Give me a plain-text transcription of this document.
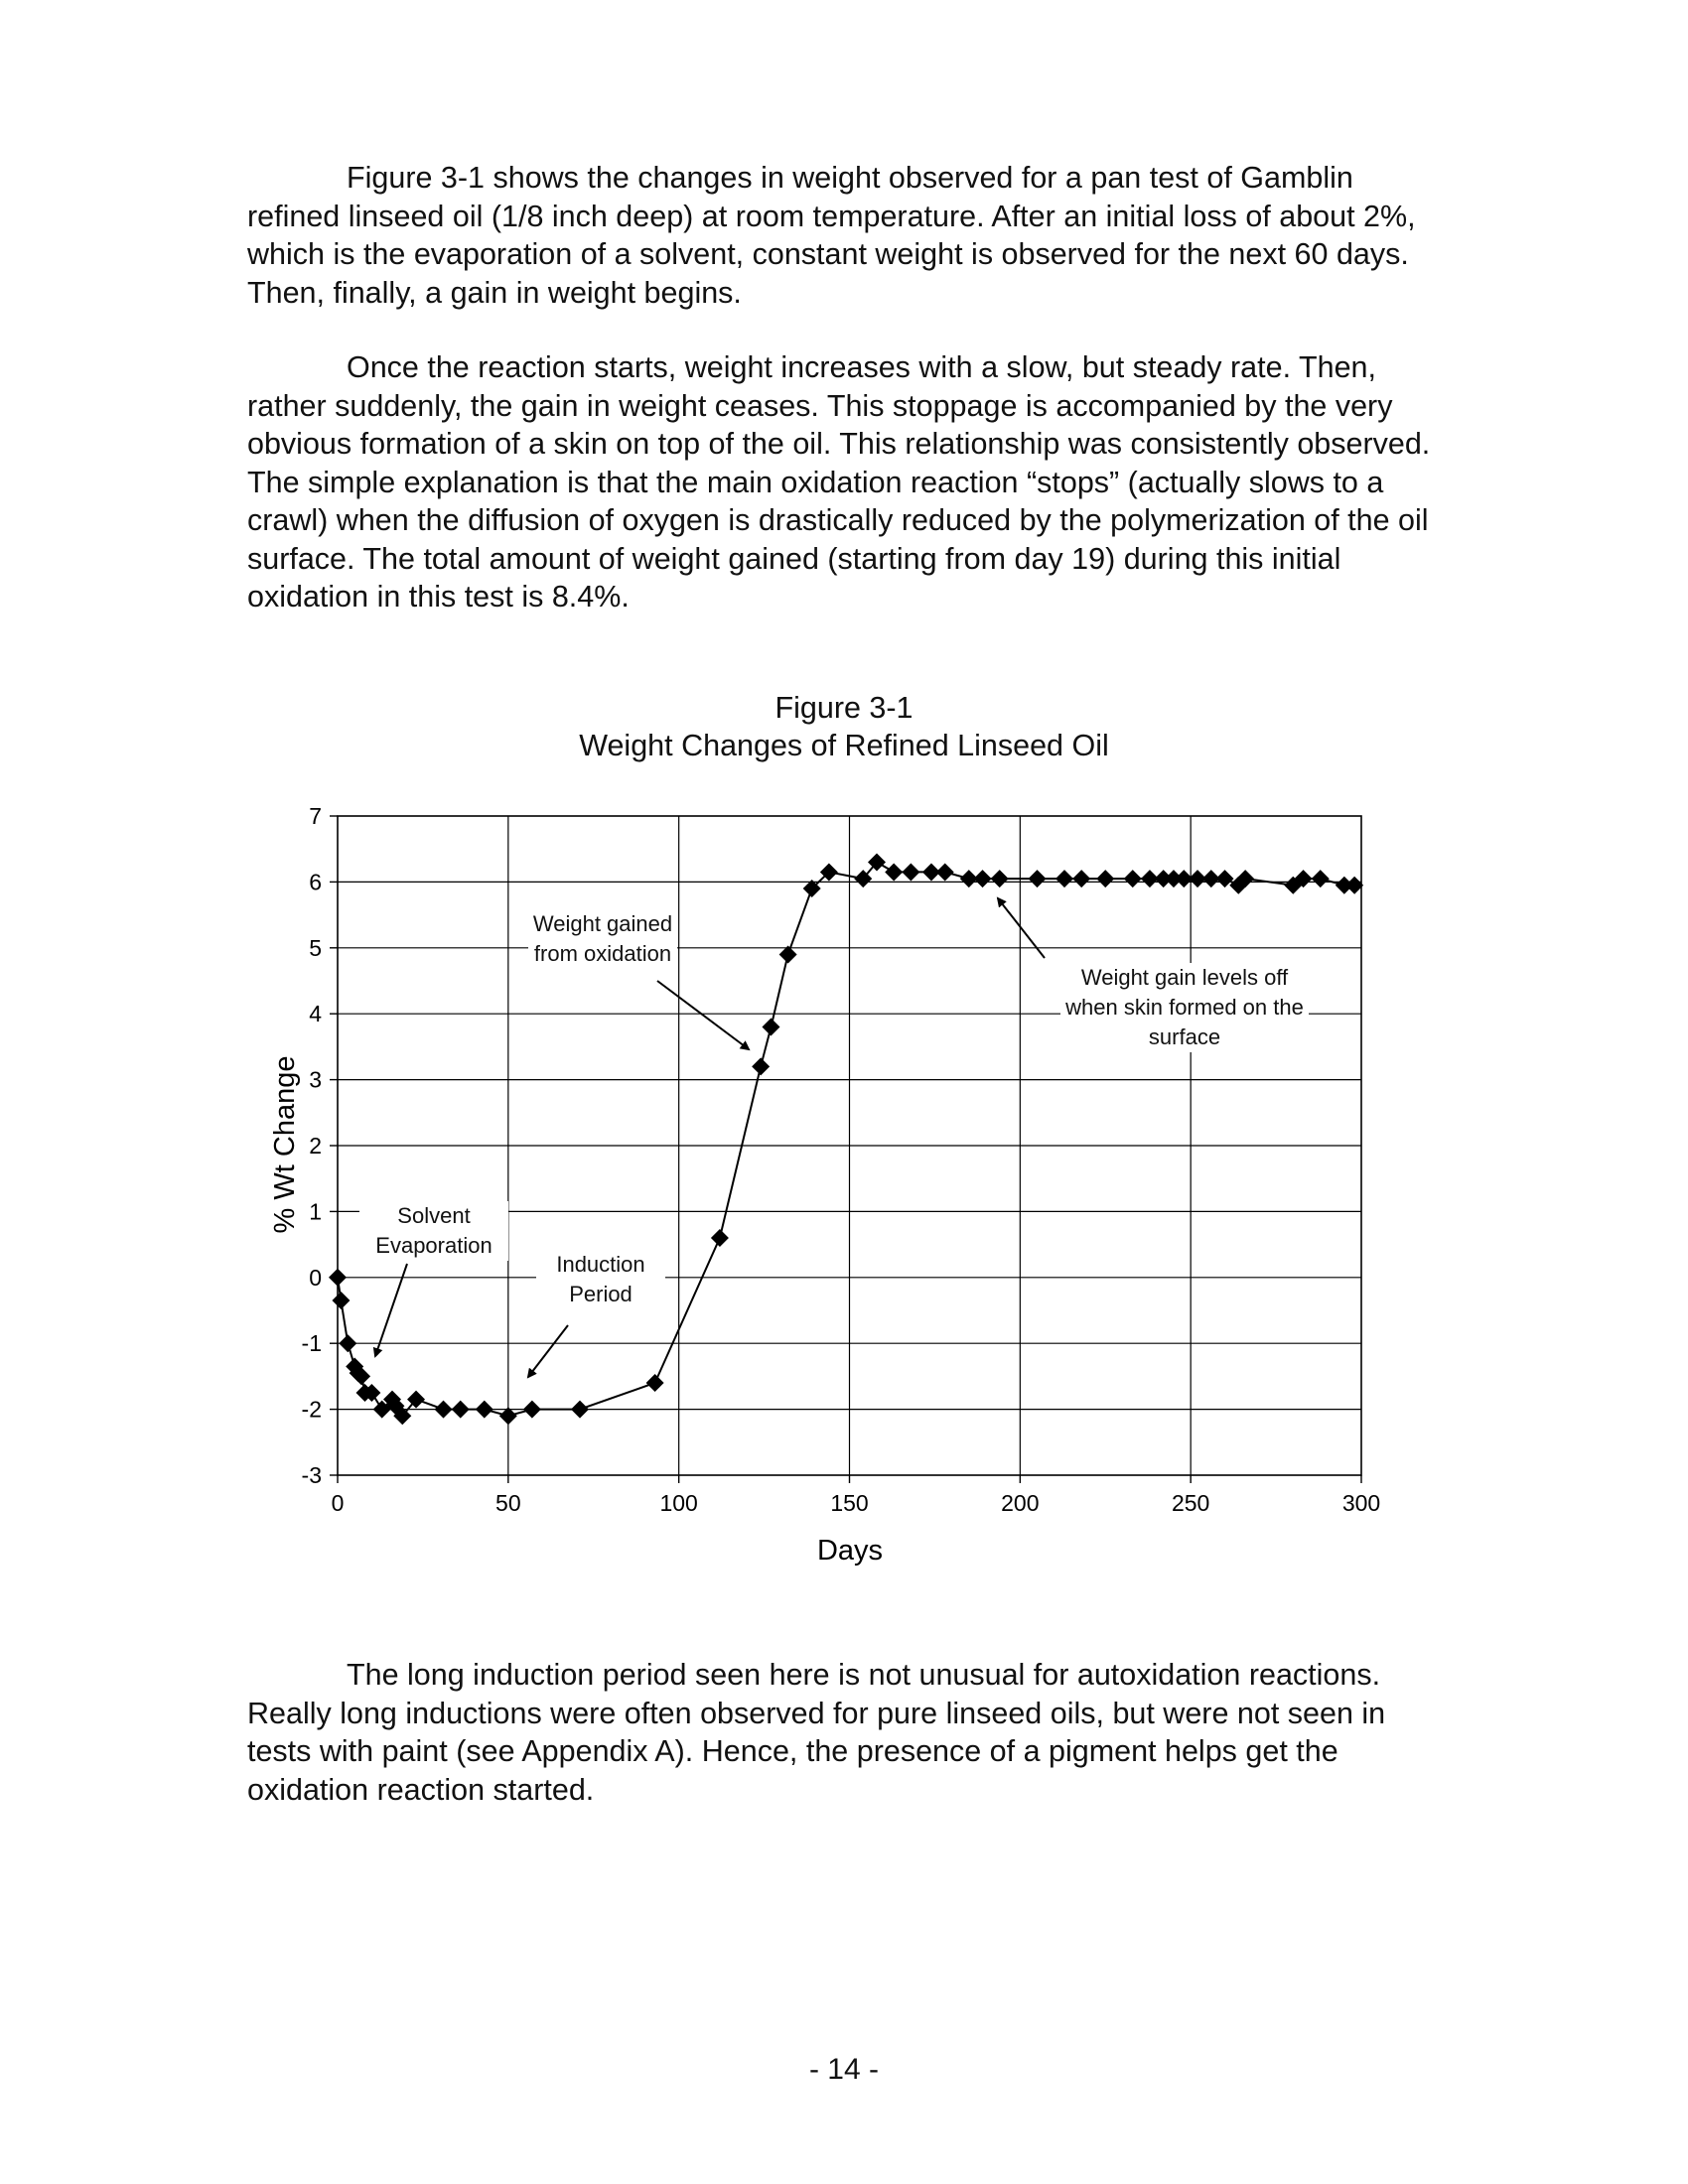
Figure 3-1 shows the changes in weight observed for a pan test of Gamblin refined linseed oil (1/8 inch deep) at room temperature. After an initial loss of about 2%, which is the evaporation of a solvent, constant weight is observed for the next 60 days. Then, finally, a gain in weight begins.

Once the reaction starts, weight increases with a slow, but steady rate. Then, rather suddenly, the gain in weight ceases. This stoppage is accompanied by the very obvious formation of a skin on top of the oil. This relationship was consistently observed. The simple explanation is that the main oxidation reaction “stops” (actually slows to a crawl) when the diffusion of oxygen is drastically reduced by the polymerization of the oil surface. The total amount of weight gained (starting from day 19) during this initial oxidation in this test is 8.4%.

Figure 3-1
Weight Changes of Refined Linseed Oil
-3
-2
-1
0
1
2
3
4
5
6
7
0	50	100	150	200	250	300
Days
% Wt Change
Weight gained from oxidation
Weight gain levels off when skin formed on the surface
Solvent Evaporation
Induction Period

The long induction period seen here is not unusual for autoxidation reactions. Really long inductions were often observed for pure linseed oils, but were not seen in tests with paint (see Appendix A). Hence, the presence of a pigment helps get the oxidation reaction started.

- 14 -
